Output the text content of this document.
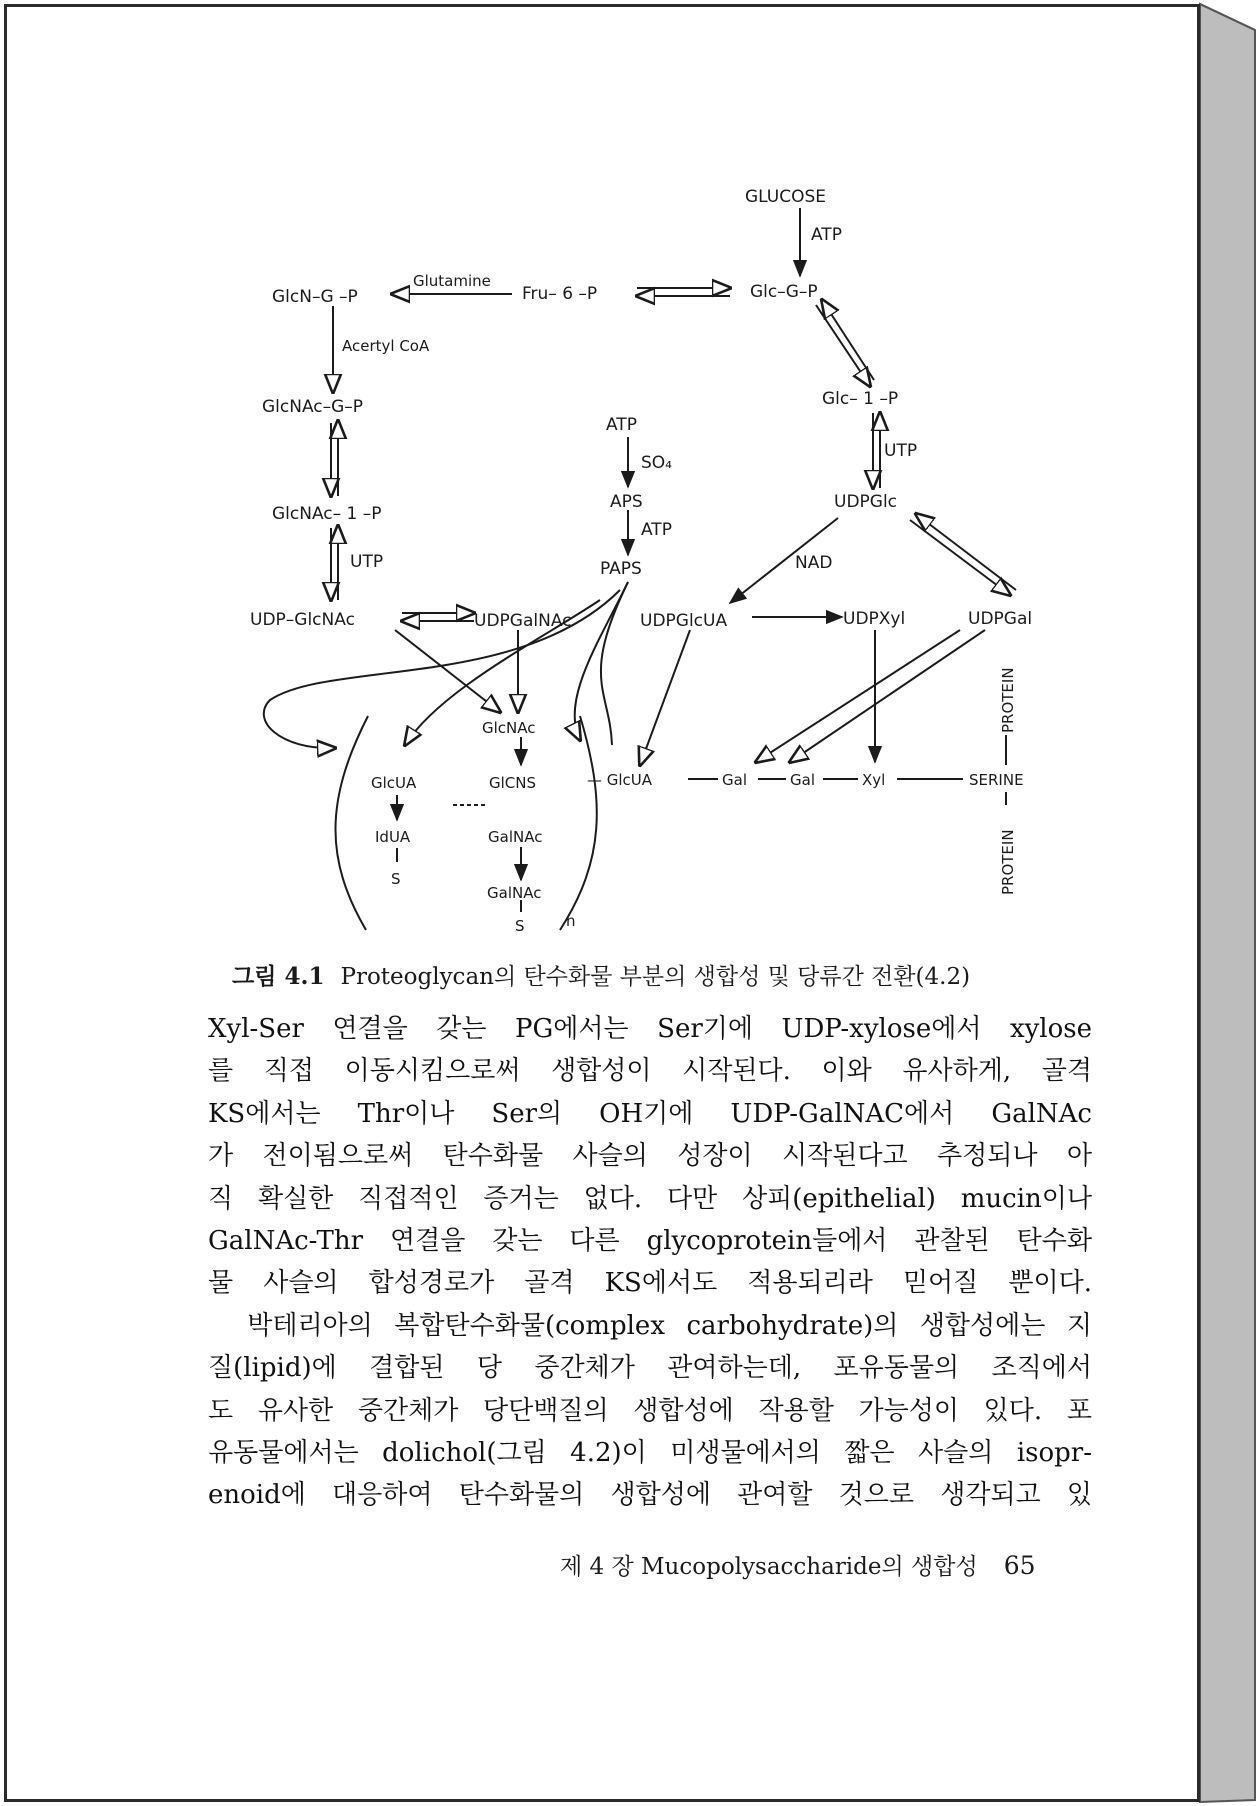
GLUCOSE
ATP
GlcN–G –P
Glutamine
Fru– 6 –P	Glc–G–P
Acertyl CoA
GlcNAc–G–P	Glc– 1 –P
ATP
SO₄
UTP
GlcNAc– 1 –P
APS
ATP
UDPGlc
UTP	PAPS	NAD
UDP–GlcNAc	UDPGalNAc	UDPGlcUA	UDPXyl	UDPGal
GlcNAc
GlcUA	GlCNS
IdUA
S
GalNAc
GalNAc
S	n
— GlcUA	Gal	Gal	Xyl	SERINE
PROTEIN
PROTEIN
그림 4.1 Proteoglycan의 탄수화물 부분의 생합성 및 당류간 전환(4.2)
Xyl-Ser 연결을 갖는 PG에서는 Ser기에 UDP-xylose에서 xylose
를 직접 이동시킴으로써 생합성이 시작된다. 이와 유사하게, 골격
KS에서는 Thr이나 Ser의 OH기에 UDP-GalNAC에서 GalNAc
가 전이됨으로써 탄수화물 사슬의 성장이 시작된다고 추정되나 아
직 확실한 직접적인 증거는 없다. 다만 상피(epithelial) mucin이나
GalNAc-Thr 연결을 갖는 다른 glycoprotein들에서 관찰된 탄수화
물 사슬의 합성경로가 골격 KS에서도 적용되리라 믿어질 뿐이다.
　박테리아의 복합탄수화물(complex carbohydrate)의 생합성에는 지
질(lipid)에 결합된 당 중간체가 관여하는데, 포유동물의 조직에서
도 유사한 중간체가 당단백질의 생합성에 작용할 가능성이 있다. 포
유동물에서는 dolichol(그림 4.2)이 미생물에서의 짧은 사슬의 isopr-
enoid에 대응하여 탄수화물의 생합성에 관여할 것으로 생각되고 있
제 4 장 Mucopolysaccharide의 생합성 65
